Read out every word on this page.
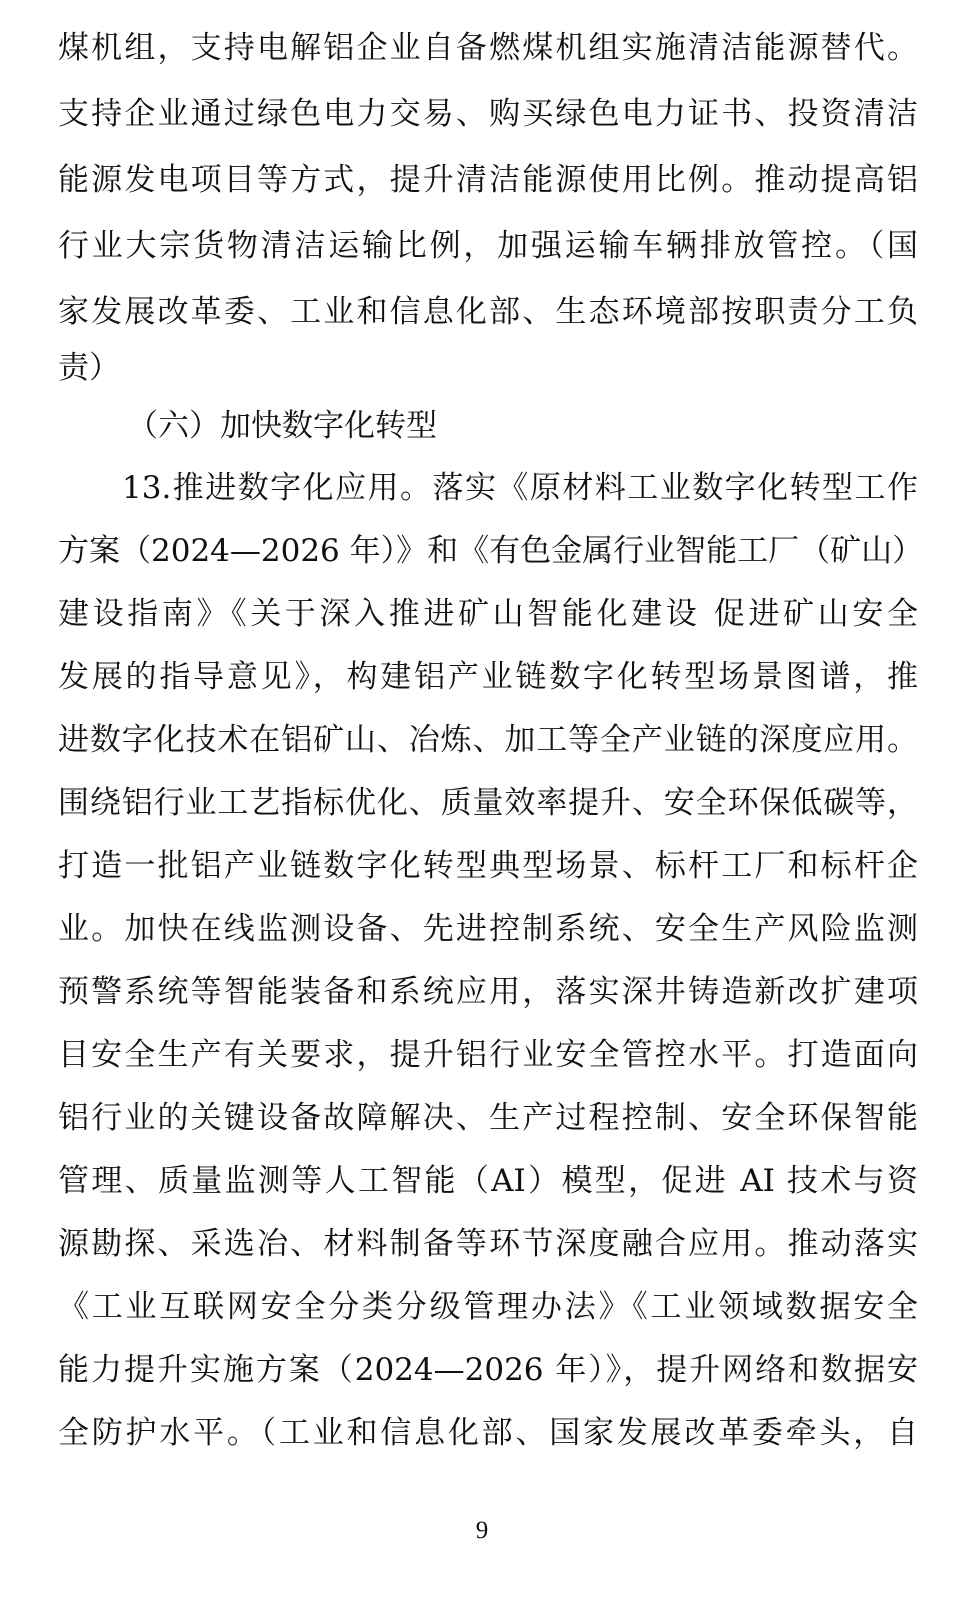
煤机组，支持电解铝企业自备燃煤机组实施清洁能源替代。
支持企业通过绿色电力交易、购买绿色电力证书、投资清洁
能源发电项目等方式，提升清洁能源使用比例。推动提高铝
行业大宗货物清洁运输比例，加强运输车辆排放管控。（国
家发展改革委、工业和信息化部、生态环境部按职责分工负
责）
（六）加快数字化转型
13.推进数字化应用。落实《原材料工业数字化转型工作
方案（2024—2026 年）》和《有色金属行业智能工厂（矿山）
建设指南》《关于深入推进矿山智能化建设 促进矿山安全
发展的指导意见》，构建铝产业链数字化转型场景图谱，推
进数字化技术在铝矿山、冶炼、加工等全产业链的深度应用。
围绕铝行业工艺指标优化、质量效率提升、安全环保低碳等，
打造一批铝产业链数字化转型典型场景、标杆工厂和标杆企
业。加快在线监测设备、先进控制系统、安全生产风险监测
预警系统等智能装备和系统应用，落实深井铸造新改扩建项
目安全生产有关要求，提升铝行业安全管控水平。打造面向
铝行业的关键设备故障解决、生产过程控制、安全环保智能
管理、质量监测等人工智能（AI）模型，促进 AI 技术与资
源勘探、采选冶、材料制备等环节深度融合应用。推动落实
《工业互联网安全分类分级管理办法》《工业领域数据安全
能力提升实施方案（2024—2026 年）》，提升网络和数据安
全防护水平。（工业和信息化部、国家发展改革委牵头，自
9
